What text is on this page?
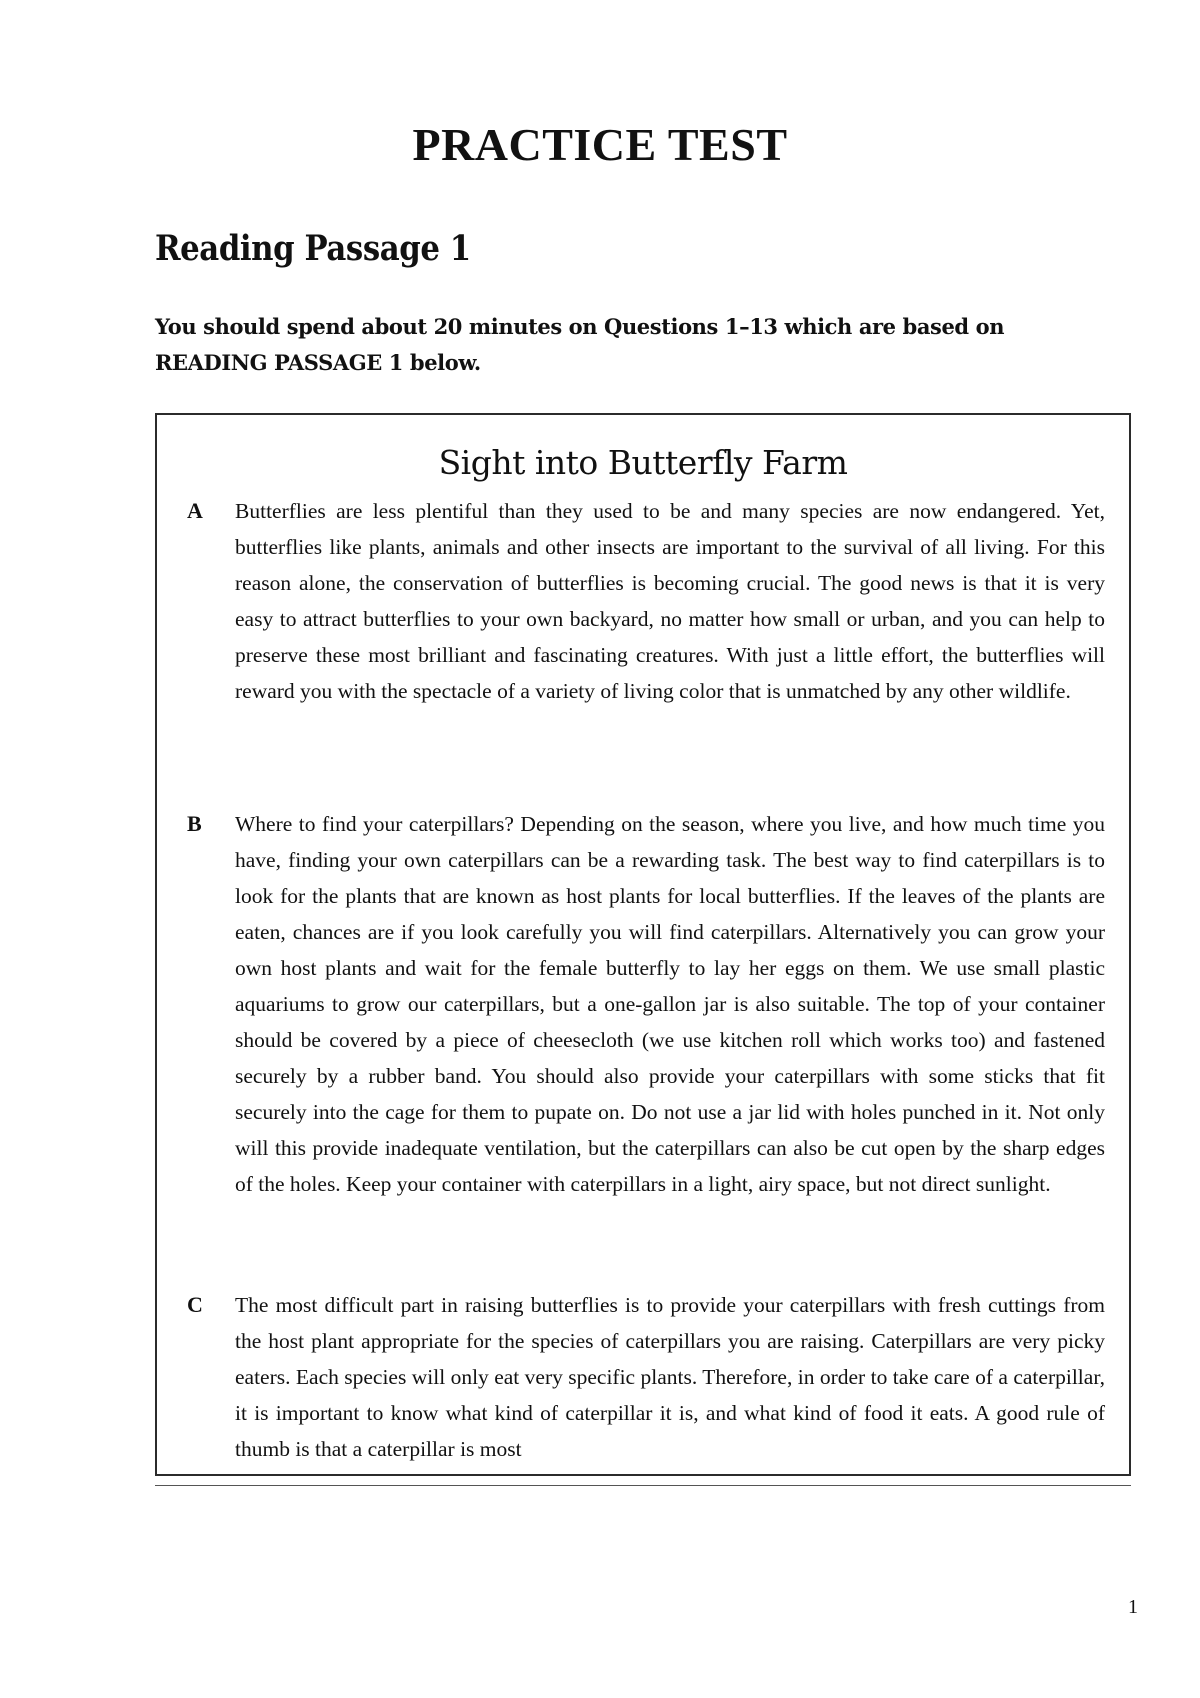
PRACTICE TEST
Reading Passage 1

You should spend about 20 minutes on Questions 1–13 which are based on READING PASSAGE 1 below.

Sight into Butterfly Farm
A Butterflies are less plentiful than they used to be and many species are now endangered. Yet, butterflies like plants, animals and other insects are important to the survival of all living. For this reason alone, the conservation of butterflies is becoming crucial. The good news is that it is very easy to attract butterflies to your own backyard, no matter how small or urban, and you can help to preserve these most brilliant and fascinating creatures. With just a little effort, the butterflies will reward you with the spectacle of a variety of living color that is unmatched by any other wildlife.

B Where to find your caterpillars? Depending on the season, where you live, and how much time you have, finding your own caterpillars can be a rewarding task. The best way to find caterpillars is to look for the plants that are known as host plants for local butterflies. If the leaves of the plants are eaten, chances are if you look carefully you will find caterpillars. Alternatively you can grow your own host plants and wait for the female butterfly to lay her eggs on them. We use small plastic aquariums to grow our caterpillars, but a one-gallon jar is also suitable. The top of your container should be covered by a piece of cheesecloth (we use kitchen roll which works too) and fastened securely by a rubber band. You should also provide your caterpillars with some sticks that fit securely into the cage for them to pupate on. Do not use a jar lid with holes punched in it. Not only will this provide inadequate ventilation, but the caterpillars can also be cut open by the sharp edges of the holes. Keep your container with caterpillars in a light, airy space, but not direct sunlight.

C The most difficult part in raising butterflies is to provide your caterpillars with fresh cuttings from the host plant appropriate for the species of caterpillars you are raising. Caterpillars are very picky eaters. Each species will only eat very specific plants. Therefore, in order to take care of a caterpillar, it is important to know what kind of caterpillar it is, and what kind of food it eats. A good rule of thumb is that a caterpillar is most

1
